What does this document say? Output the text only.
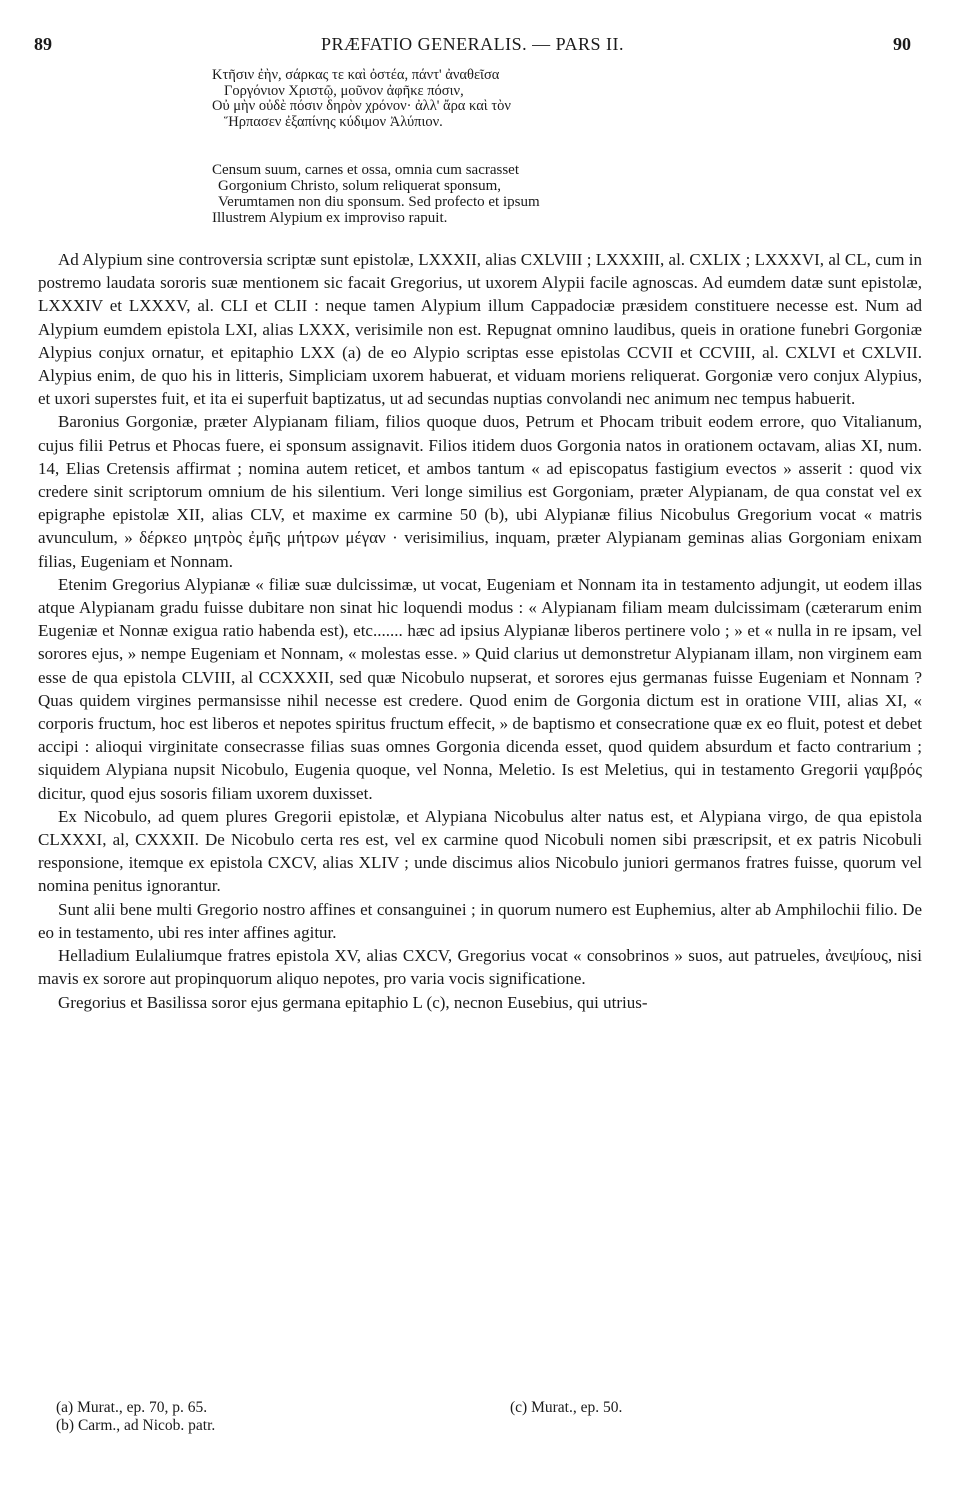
89	PRÆFATIO GENERALIS. — PARS II.	90
Κτῆσιν ἐὴν, σάρκας τε καὶ ὀστέα, πάντ' ἀναθεῖσα
Γοργόνιον Χριστῷ, μοῦνον ἀφῆκε πόσιν,
Οὐ μὴν οὐδὲ πόσιν δηρὸν χρόνον· ἀλλ' ἄρα καὶ τὸν
Ἥρπασεν ἐξαπίνης κύδιμον Ἀλύπιον.
Censum suum, carnes et ossa, omnia cum sacrasset
Gorgonium Christo, solum reliquerat sponsum,
Verumtamen non diu sponsum. Sed profecto et ipsum
Illustrem Alypium ex improviso rapuit.

Ad Alypium sine controversia scriptæ sunt epistolæ, LXXXII, alias CXLVIII ; LXXXIII, al. CXLIX ; LXXXVI, al CL, cum in postremo laudata sororis suæ mentionem sic facait Gregorius, ut uxorem Alypii facile agnoscas. Ad eumdem datæ sunt epistolæ, LXXXIV et LXXXV, al. CLI et CLII : neque tamen Alypium illum Cappadociæ præsidem constituere necesse est. Num ad Alypium eumdem epistola LXI, alias LXXX, verisimile non est. Repugnat omnino laudibus, queis in oratione funebri Gorgoniæ Alypius conjux ornatur, et epitaphio LXX (a) de eo Alypio scriptas esse epistolas CCVII et CCVIII, al. CXLVI et CXLVII. Alypius enim, de quo his in litteris, Simpliciam uxorem habuerat, et viduam moriens reliquerat. Gorgoniæ vero conjux Alypius, et uxori superstes fuit, et ita ei superfuit baptizatus, ut ad secundas nuptias convolandi nec animum nec tempus habuerit.

Baronius Gorgoniæ, præter Alypianam filiam, filios quoque duos, Petrum et Phocam tribuit eodem errore, quo Vitalianum, cujus filii Petrus et Phocas fuere, ei sponsum assignavit. Filios itidem duos Gorgonia natos in orationem octavam, alias XI, num. 14, Elias Cretensis affirmat ; nomina autem reticet, et ambos tantum « ad episcopatus fastigium evectos » asserit : quod vix credere sinit scriptorum omnium de his silentium. Veri longe similius est Gorgoniam, præter Alypianam, de qua constat vel ex epigraphe epistolæ XII, alias CLV, et maxime ex carmine 50 (b), ubi Alypianæ filius Nicobulus Gregorium vocat « matris avunculum, » δέρκεο μητρὸς ἐμῆς μήτρων μέγαν · verisimilius, inquam, præter Alypianam geminas alias Gorgoniam enixam filias, Eugeniam et Nonnam.

Etenim Gregorius Alypianæ « filiæ suæ dulcissimæ, ut vocat, Eugeniam et Nonnam ita in testamento adjungit, ut eodem illas atque Alypianam gradu fuisse dubitare non sinat hic loquendi modus : « Alypianam filiam meam dulcissimam (cæterarum enim Eugeniæ et Nonnæ exigua ratio habenda est), etc....... hæc ad ipsius Alypianæ liberos pertinere volo ; » et « nulla in re ipsam, vel sorores ejus, » nempe Eugeniam et Nonnam, « molestas esse. » Quid clarius ut demonstretur Alypianam illam, non virginem eam esse de qua epistola CLVIII, al CCXXXII, sed quæ Nicobulo nupserat, et sorores ejus germanas fuisse Eugeniam et Nonnam ? Quas quidem virgines permansisse nihil necesse est credere. Quod enim de Gorgonia dictum est in oratione VIII, alias XI, « corporis fructum, hoc est liberos et nepotes spiritus fructum effecit, » de baptismo et consecratione quæ ex eo fluit, potest et debet accipi : alioqui virginitate consecrasse filias suas omnes Gorgonia dicenda esset, quod quidem absurdum et facto contrarium ; siquidem Alypiana nupsit Nicobulo, Eugenia quoque, vel Nonna, Meletio. Is est Meletius, qui in testamento Gregorii γαμβρός dicitur, quod ejus sosoris filiam uxorem duxisset.

Ex Nicobulo, ad quem plures Gregorii epistolæ, et Alypiana Nicobulus alter natus est, et Alypiana virgo, de qua epistola CLXXXI, al, CXXXII. De Nicobulo certa res est, vel ex carmine quod Nicobuli nomen sibi præscripsit, et ex patris Nicobuli responsione, itemque ex epistola CXCV, alias XLIV ; unde discimus alios Nicobulo juniori germanos fratres fuisse, quorum vel nomina penitus ignorantur.

Sunt alii bene multi Gregorio nostro affines et consanguinei ; in quorum numero est Euphemius, alter ab Amphilochii filio. De eo in testamento, ubi res inter affines agitur.

Helladium Eulaliumque fratres epistola XV, alias CXCV, Gregorius vocat « consobrinos » suos, aut patrueles, ἀνεψίους, nisi mavis ex sorore aut propinquorum aliquo nepotes, pro varia vocis significatione.

Gregorius et Basilissa soror ejus germana epitaphio L (c), necnon Eusebius, qui utrius-

(a) Murat., ep. 70, p. 65.
(b) Carm., ad Nicob. patr.
(c) Murat., ep. 50.
